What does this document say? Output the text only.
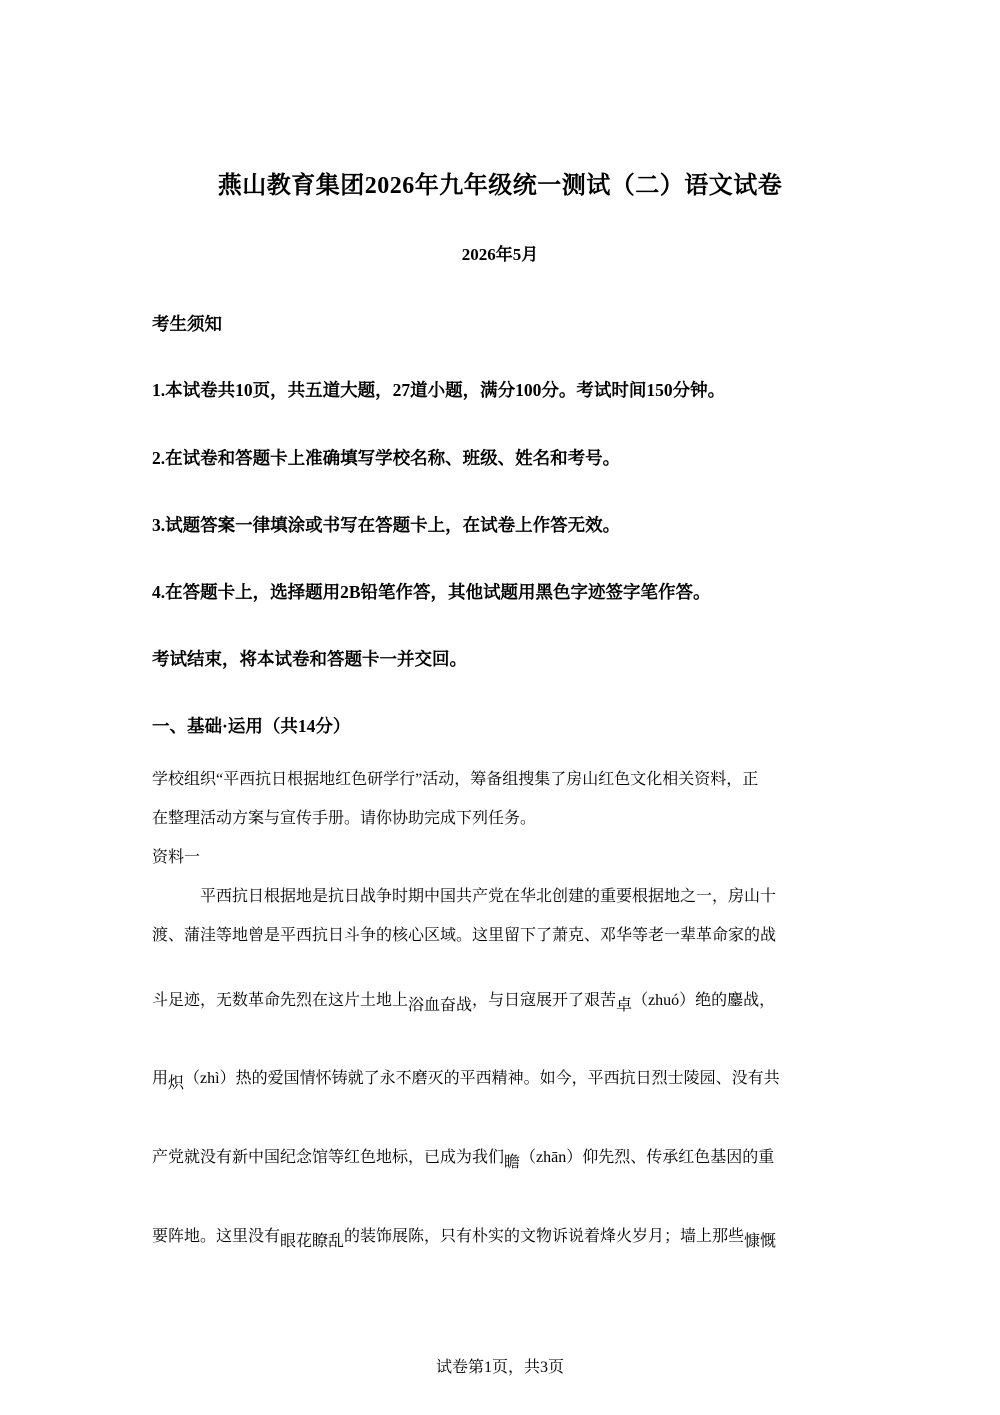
燕山教育集团2026年九年级统一测试（二）语文试卷
2026年5月
考生须知
1.本试卷共10页，共五道大题，27道小题，满分100分。考试时间150分钟。
2.在试卷和答题卡上准确填写学校名称、班级、姓名和考号。
3.试题答案一律填涂或书写在答题卡上，在试卷上作答无效。
4.在答题卡上，选择题用2B铅笔作答，其他试题用黑色字迹签字笔作答。
考试结束，将本试卷和答题卡一并交回。
一、基础·运用（共14分）
学校组织“平西抗日根据地红色研学行”活动，筹备组搜集了房山红色文化相关资料，正
在整理活动方案与宣传手册。请你协助完成下列任务。
资料一
平西抗日根据地是抗日战争时期中国共产党在华北创建的重要根据地之一，房山十
渡、蒲洼等地曾是平西抗日斗争的核心区域。这里留下了萧克、邓华等老一辈革命家的战
斗足迹，无数革命先烈在这片土地上浴血奋战，与日寇展开了艰苦卓（zhuó）绝的鏖战，
用炽（zhì）热的爱国情怀铸就了永不磨灭的平西精神。如今，平西抗日烈士陵园、没有共
产党就没有新中国纪念馆等红色地标，已成为我们瞻（zhān）仰先烈、传承红色基因的重
要阵地。这里没有眼花瞭乱的装饰展陈，只有朴实的文物诉说着烽火岁月；墙上那些慷慨
试卷第1页，共3页
